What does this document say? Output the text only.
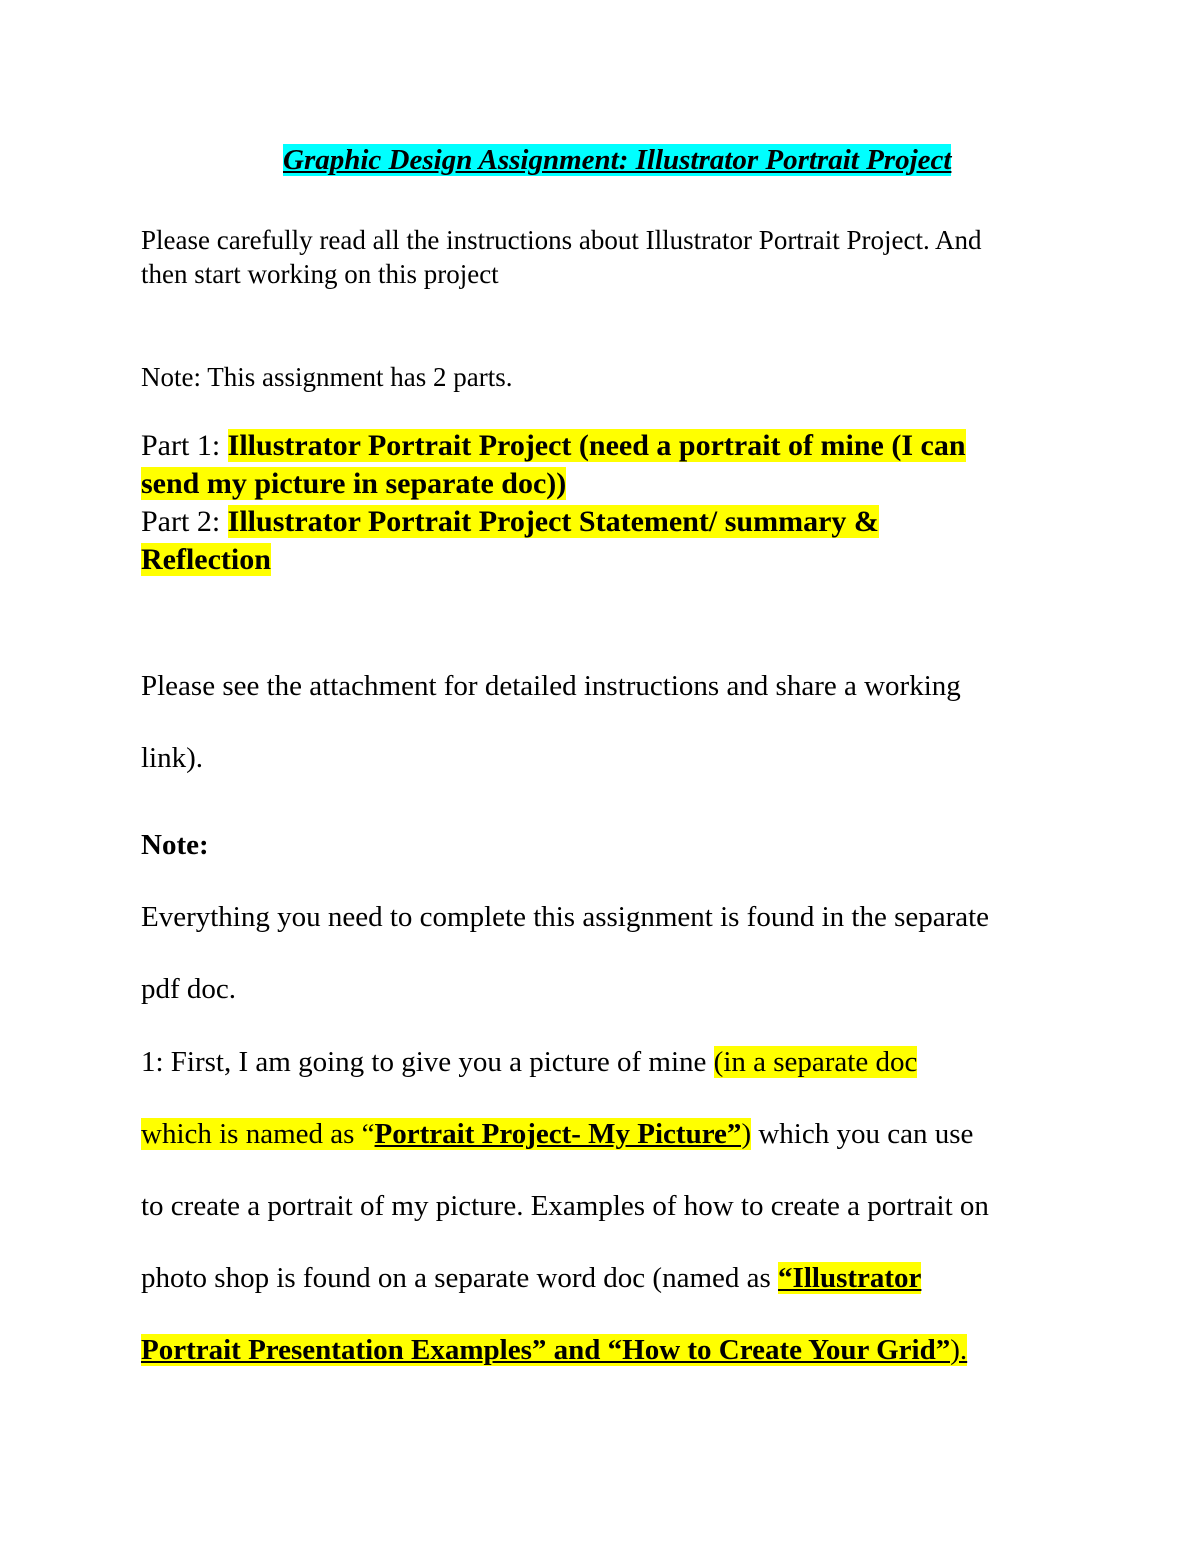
Graphic Design Assignment: Illustrator Portrait Project
Please carefully read all the instructions about Illustrator Portrait Project. And
then start working on this project
Note: This assignment has 2 parts.
Part 1: Illustrator Portrait Project (need a portrait of mine (I can
send my picture in separate doc))
Part 2: Illustrator Portrait Project Statement/ summary &
Reflection
Please see the attachment for detailed instructions and share a working
link).
Note:
Everything you need to complete this assignment is found in the separate
pdf doc.
1: First, I am going to give you a picture of mine (in a separate doc
which is named as “Portrait Project- My Picture”) which you can use
to create a portrait of my picture. Examples of how to create a portrait on
photo shop is found on a separate word doc (named as “Illustrator
Portrait Presentation Examples” and “How to Create Your Grid”).
